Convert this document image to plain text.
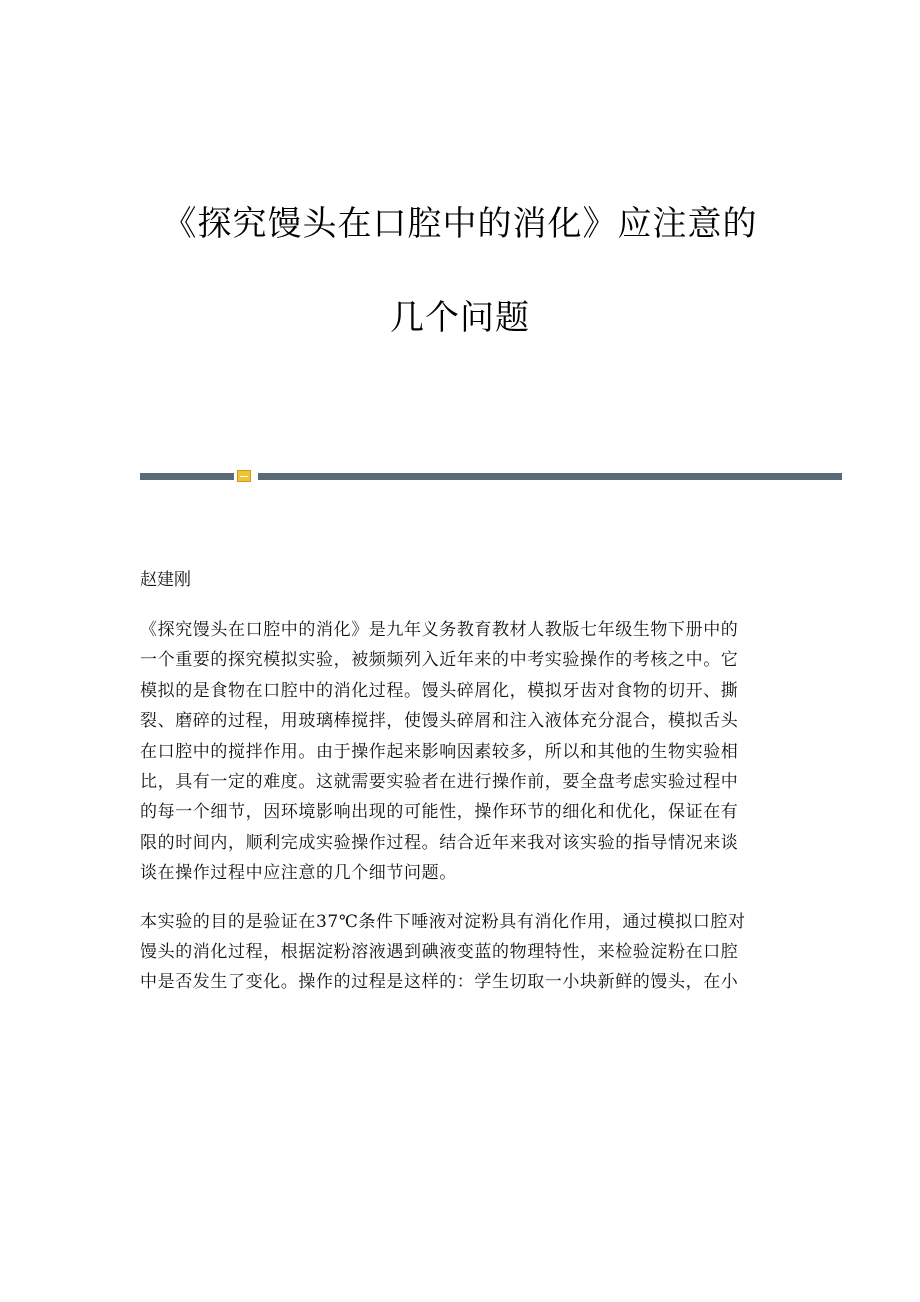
《探究馒头在口腔中的消化》应注意的

几个问题

赵建刚

《探究馒头在口腔中的消化》是九年义务教育教材人教版七年级生物下册中的
一个重要的探究模拟实验，被频频列入近年来的中考实验操作的考核之中。它
模拟的是食物在口腔中的消化过程。馒头碎屑化，模拟牙齿对食物的切开、撕
裂、磨碎的过程，用玻璃棒搅拌，使馒头碎屑和注入液体充分混合，模拟舌头
在口腔中的搅拌作用。由于操作起来影响因素较多，所以和其他的生物实验相
比，具有一定的难度。这就需要实验者在进行操作前，要全盘考虑实验过程中
的每一个细节，因环境影响出现的可能性，操作环节的细化和优化，保证在有
限的时间内，顺利完成实验操作过程。结合近年来我对该实验的指导情况来谈
谈在操作过程中应注意的几个细节问题。

本实验的目的是验证在37℃条件下唾液对淀粉具有消化作用，通过模拟口腔对
馒头的消化过程，根据淀粉溶液遇到碘液变蓝的物理特性，来检验淀粉在口腔
中是否发生了变化。操作的过程是这样的：学生切取一小块新鲜的馒头，在小
